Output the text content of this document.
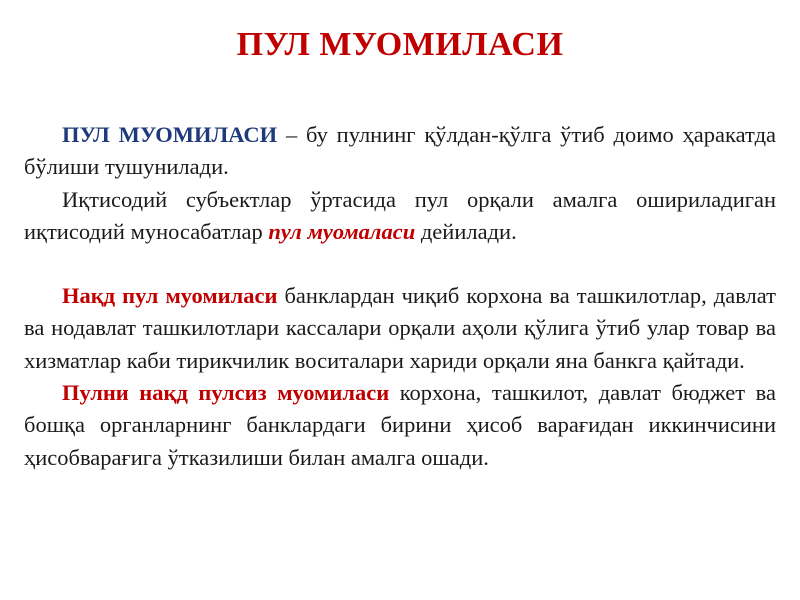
ПУЛ МУОМИЛАСИ

ПУЛ МУОМИЛАСИ – бу пулнинг қўлдан-қўлга ўтиб доимо ҳаракатда бўлиши тушунилади.

Иқтисодий субъектлар ўртасида пул орқали амалга ошириладиган иқтисодий муносабатлар пул муомаласи дейилади.

Нақд пул муомиласи банклардан чиқиб корхона ва ташкилотлар, давлат ва нодавлат ташкилотлари кассалари орқали аҳоли қўлига ўтиб улар товар ва хизматлар каби тирикчилик воситалари хариди орқали яна банкга қайтади.

Пулни нақд пулсиз муомиласи корхона, ташкилот, давлат бюджет ва бошқа органларнинг банклардаги бирини ҳисоб варағидан иккинчисини ҳисобварағига ўтказилиши билан амалга ошади.
